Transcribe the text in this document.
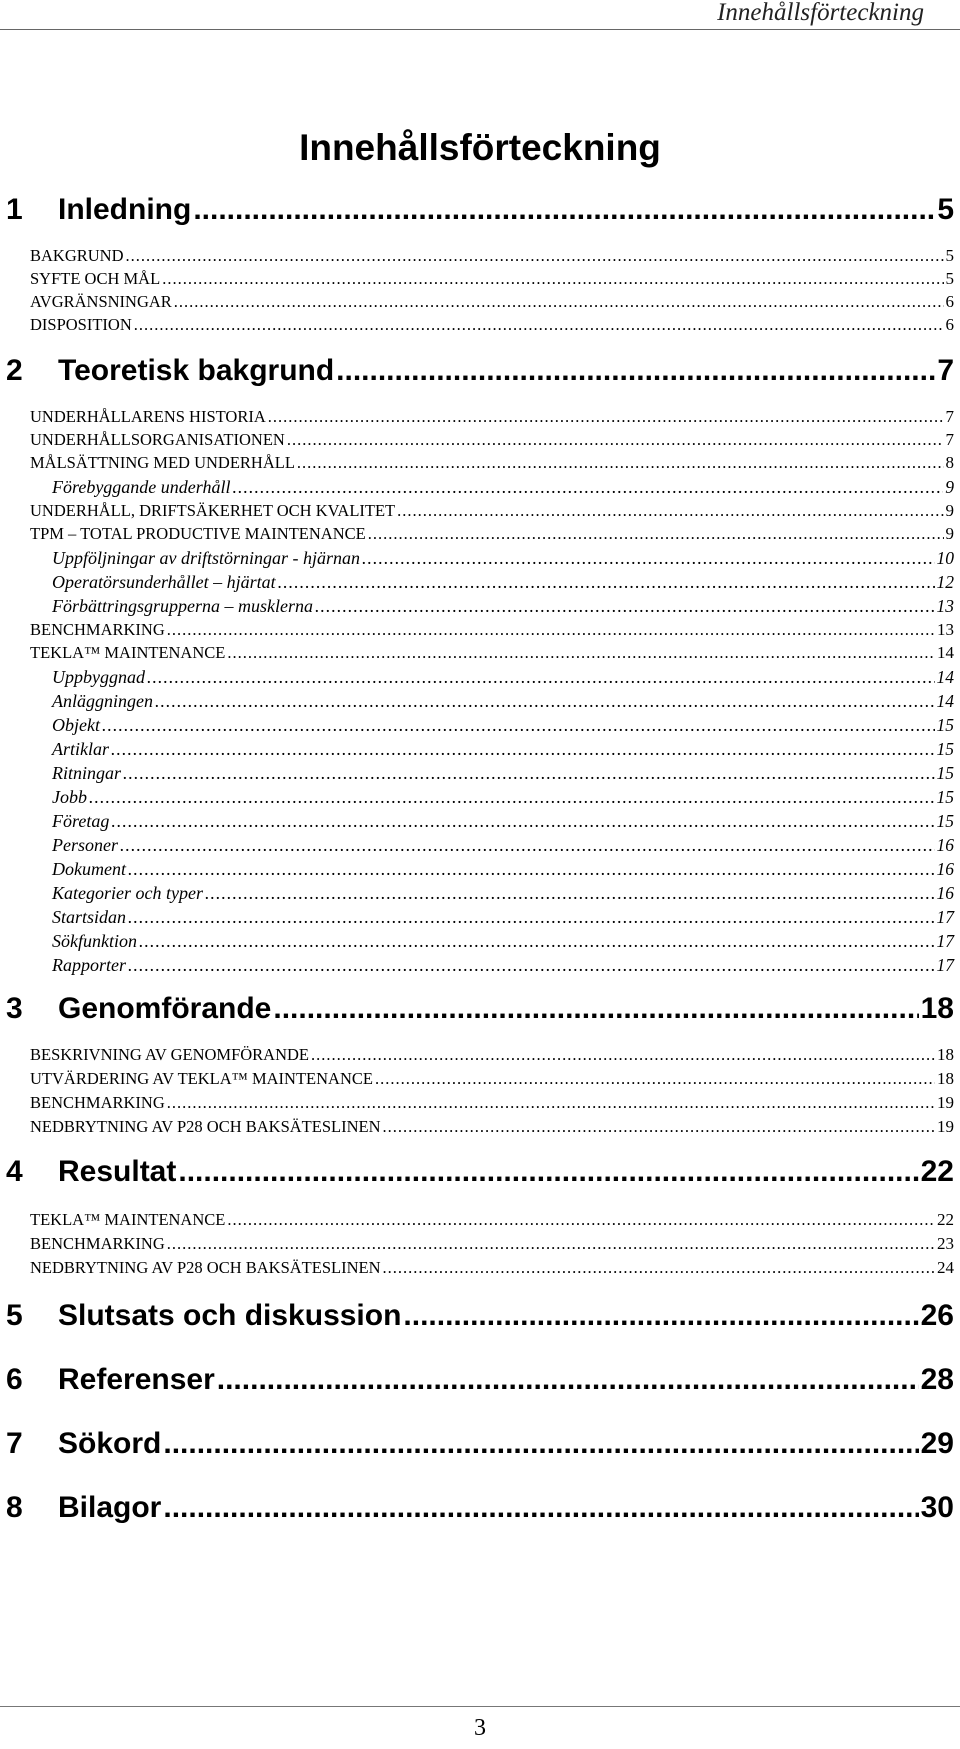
Innehållsförteckning
Innehållsförteckning
1	Inledning .....	5
BAKGRUND .....	5
SYFTE OCH MÅL .....	5
AVGRÄNSNINGAR .....	6
DISPOSITION .....	6
2	Teoretisk bakgrund .....	7
UNDERHÅLLARENS HISTORIA .....	7
UNDERHÅLLSORGANISATIONEN .....	7
MÅLSÄTTNING MED UNDERHÅLL .....	8
Förebyggande underhåll .....	9
UNDERHÅLL, DRIFTSÄKERHET OCH KVALITET .....	9
TPM – TOTAL PRODUCTIVE MAINTENANCE .....	9
Uppföljningar av driftstörningar - hjärnan .....	10
Operatörsunderhållet – hjärtat .....	12
Förbättringsgrupperna – musklerna .....	13
BENCHMARKING .....	13
TEKLA™ MAINTENANCE .....	14
Uppbyggnad .....	14
Anläggningen .....	14
Objekt .....	15
Artiklar .....	15
Ritningar .....	15
Jobb .....	15
Företag .....	15
Personer .....	16
Dokument .....	16
Kategorier och typer .....	16
Startsidan .....	17
Sökfunktion .....	17
Rapporter .....	17
3	Genomförande .....	18
BESKRIVNING AV GENOMFÖRANDE .....	18
UTVÄRDERING AV TEKLA™ MAINTENANCE .....	18
BENCHMARKING .....	19
NEDBRYTNING AV P28 OCH BAKSÄTESLINEN .....	19
4	Resultat .....	22
TEKLA™ MAINTENANCE .....	22
BENCHMARKING .....	23
NEDBRYTNING AV P28 OCH BAKSÄTESLINEN .....	24
5	Slutsats och diskussion .....	26
6	Referenser .....	28
7	Sökord .....	29
8	Bilagor .....	30
3
